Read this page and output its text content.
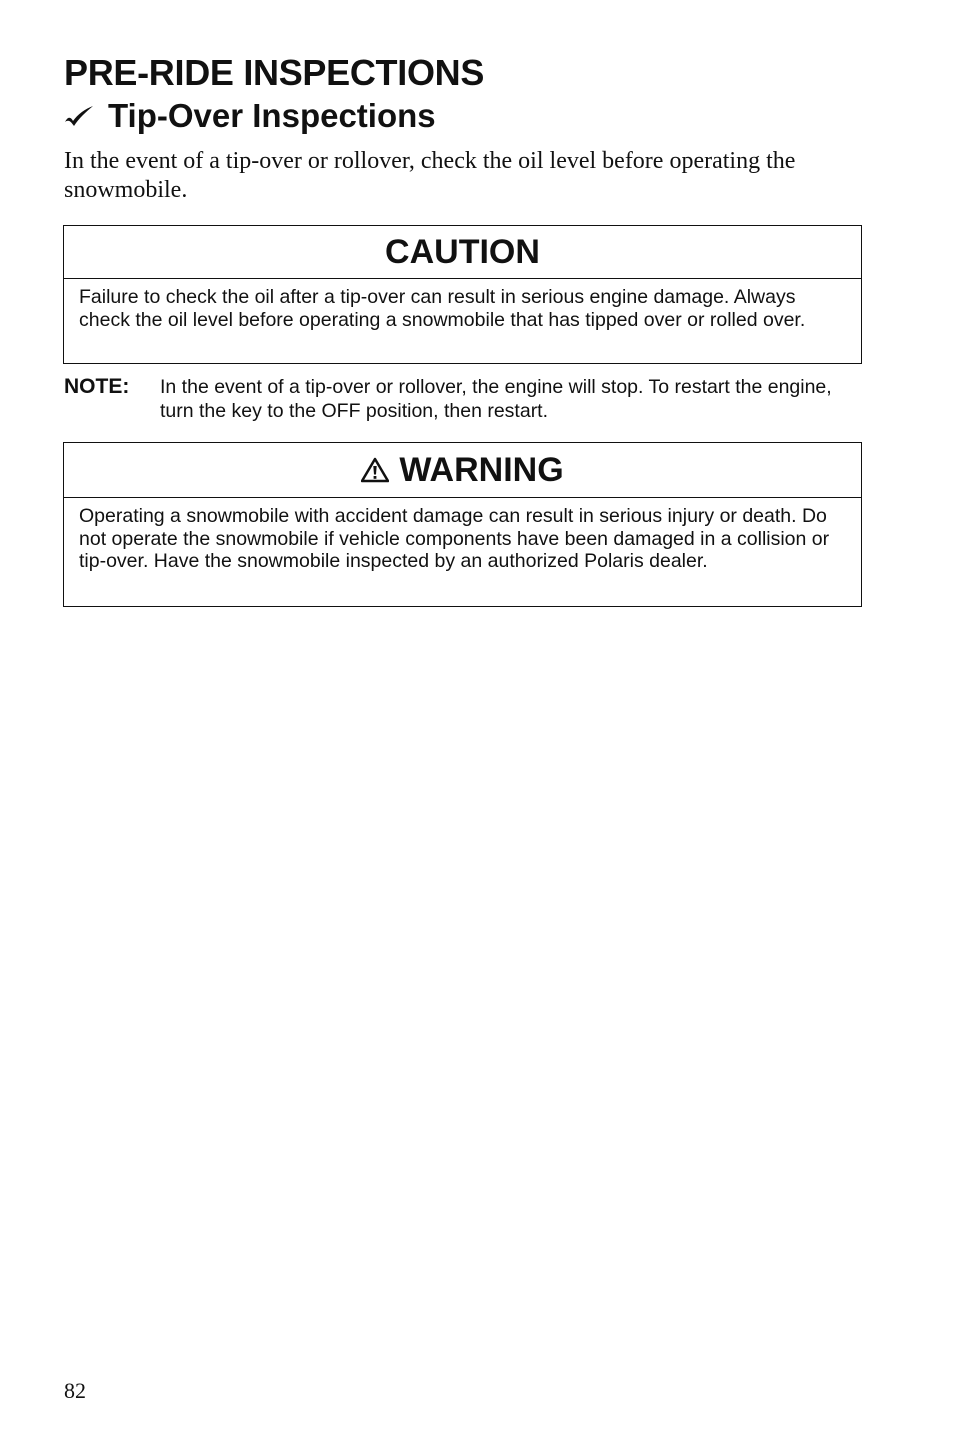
PRE-RIDE INSPECTIONS
Tip-Over Inspections

In the event of a tip-over or rollover, check the oil level before operating the snowmobile.

CAUTION
Failure to check the oil after a tip-over can result in serious engine damage. Always check the oil level before operating a snowmobile that has tipped over or rolled over.
NOTE:	In the event of a tip-over or rollover, the engine will stop. To restart the engine, turn the key to the OFF position, then restart.
WARNING
Operating a snowmobile with accident damage can result in serious injury or death. Do not operate the snowmobile if vehicle components have been damaged in a collision or tip-over. Have the snowmobile inspected by an authorized Polaris dealer.
82
